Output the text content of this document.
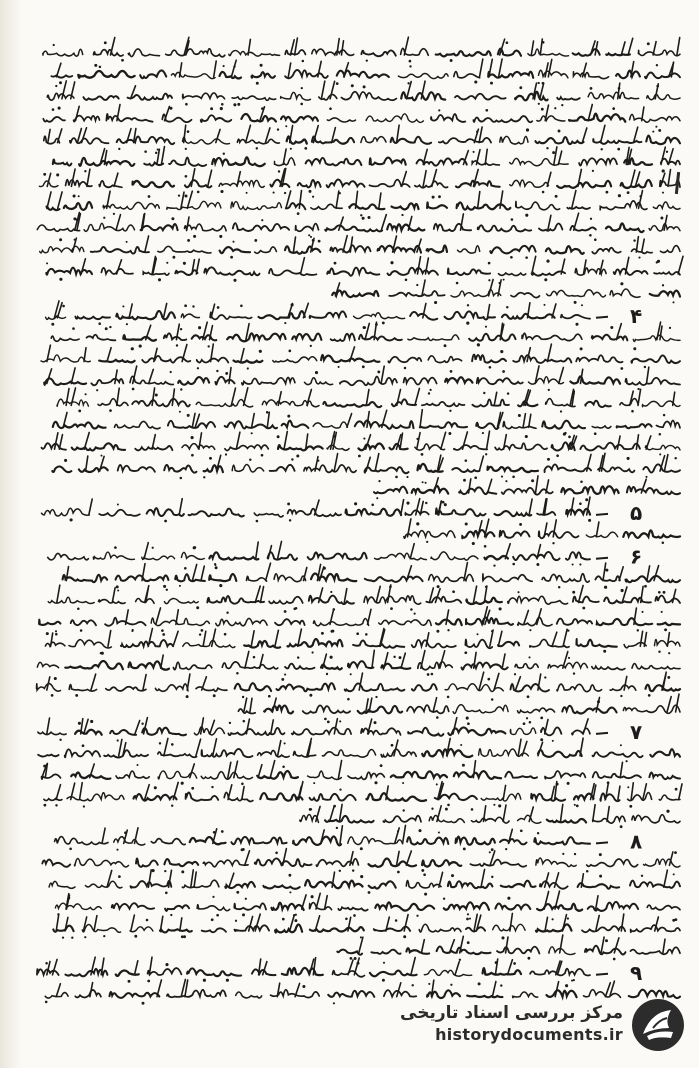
۴
۵
۶
۷
۸
۹
مرکز بررسی اسناد تاریخی
historydocuments.ir
